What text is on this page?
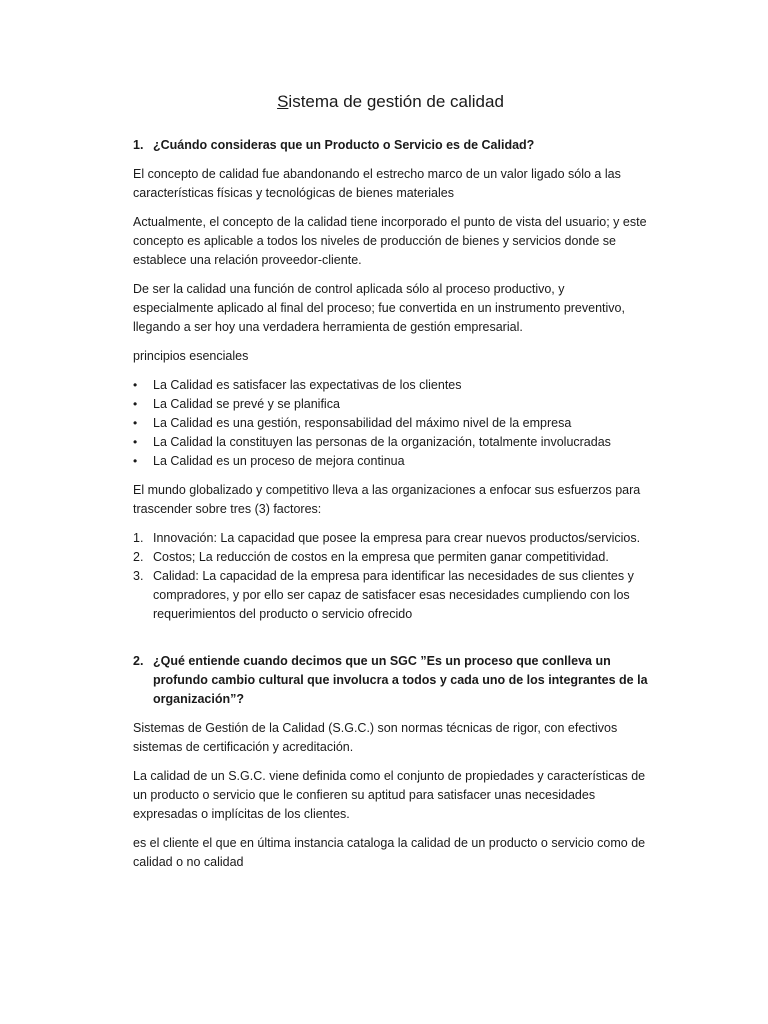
Sistema de gestión de calidad
1. ¿Cuándo consideras que un Producto o Servicio es de Calidad?

El concepto de calidad fue abandonando el estrecho marco de un valor ligado sólo a las características físicas y tecnológicas de bienes materiales

Actualmente, el concepto de la calidad tiene incorporado el punto de vista del usuario; y este concepto es aplicable a todos los niveles de producción de bienes y servicios donde se establece una relación proveedor-cliente.

De ser la calidad una función de control aplicada sólo al proceso productivo, y especialmente aplicado al final del proceso; fue convertida en un instrumento preventivo, llegando a ser hoy una verdadera herramienta de gestión empresarial.

principios esenciales

•	La Calidad es satisfacer las expectativas de los clientes
•	La Calidad se prevé y se planifica
•	La Calidad es una gestión, responsabilidad del máximo nivel de la empresa
•	La Calidad la constituyen las personas de la organización, totalmente involucradas
•	La Calidad es un proceso de mejora continua

El mundo globalizado y competitivo lleva a las organizaciones a enfocar sus esfuerzos para trascender sobre tres (3) factores:

1. Innovación: La capacidad que posee la empresa para crear nuevos productos/servicios.
2. Costos; La reducción de costos en la empresa que permiten ganar competitividad.
3. Calidad: La capacidad de la empresa para identificar las necesidades de sus clientes y compradores, y por ello ser capaz de satisfacer esas necesidades cumpliendo con los requerimientos del producto o servicio ofrecido
2. ¿Qué entiende cuando decimos que un SGC ”Es un proceso que conlleva un profundo cambio cultural que involucra a todos y cada uno de los integrantes de la organización”?

Sistemas de Gestión de la Calidad (S.G.C.) son normas técnicas de rigor, con efectivos sistemas de certificación y acreditación.

La calidad de un S.G.C. viene definida como el conjunto de propiedades y características de un producto o servicio que le confieren su aptitud para satisfacer unas necesidades expresadas o implícitas de los clientes.

es el cliente el que en última instancia cataloga la calidad de un producto o servicio como de calidad o no calidad
